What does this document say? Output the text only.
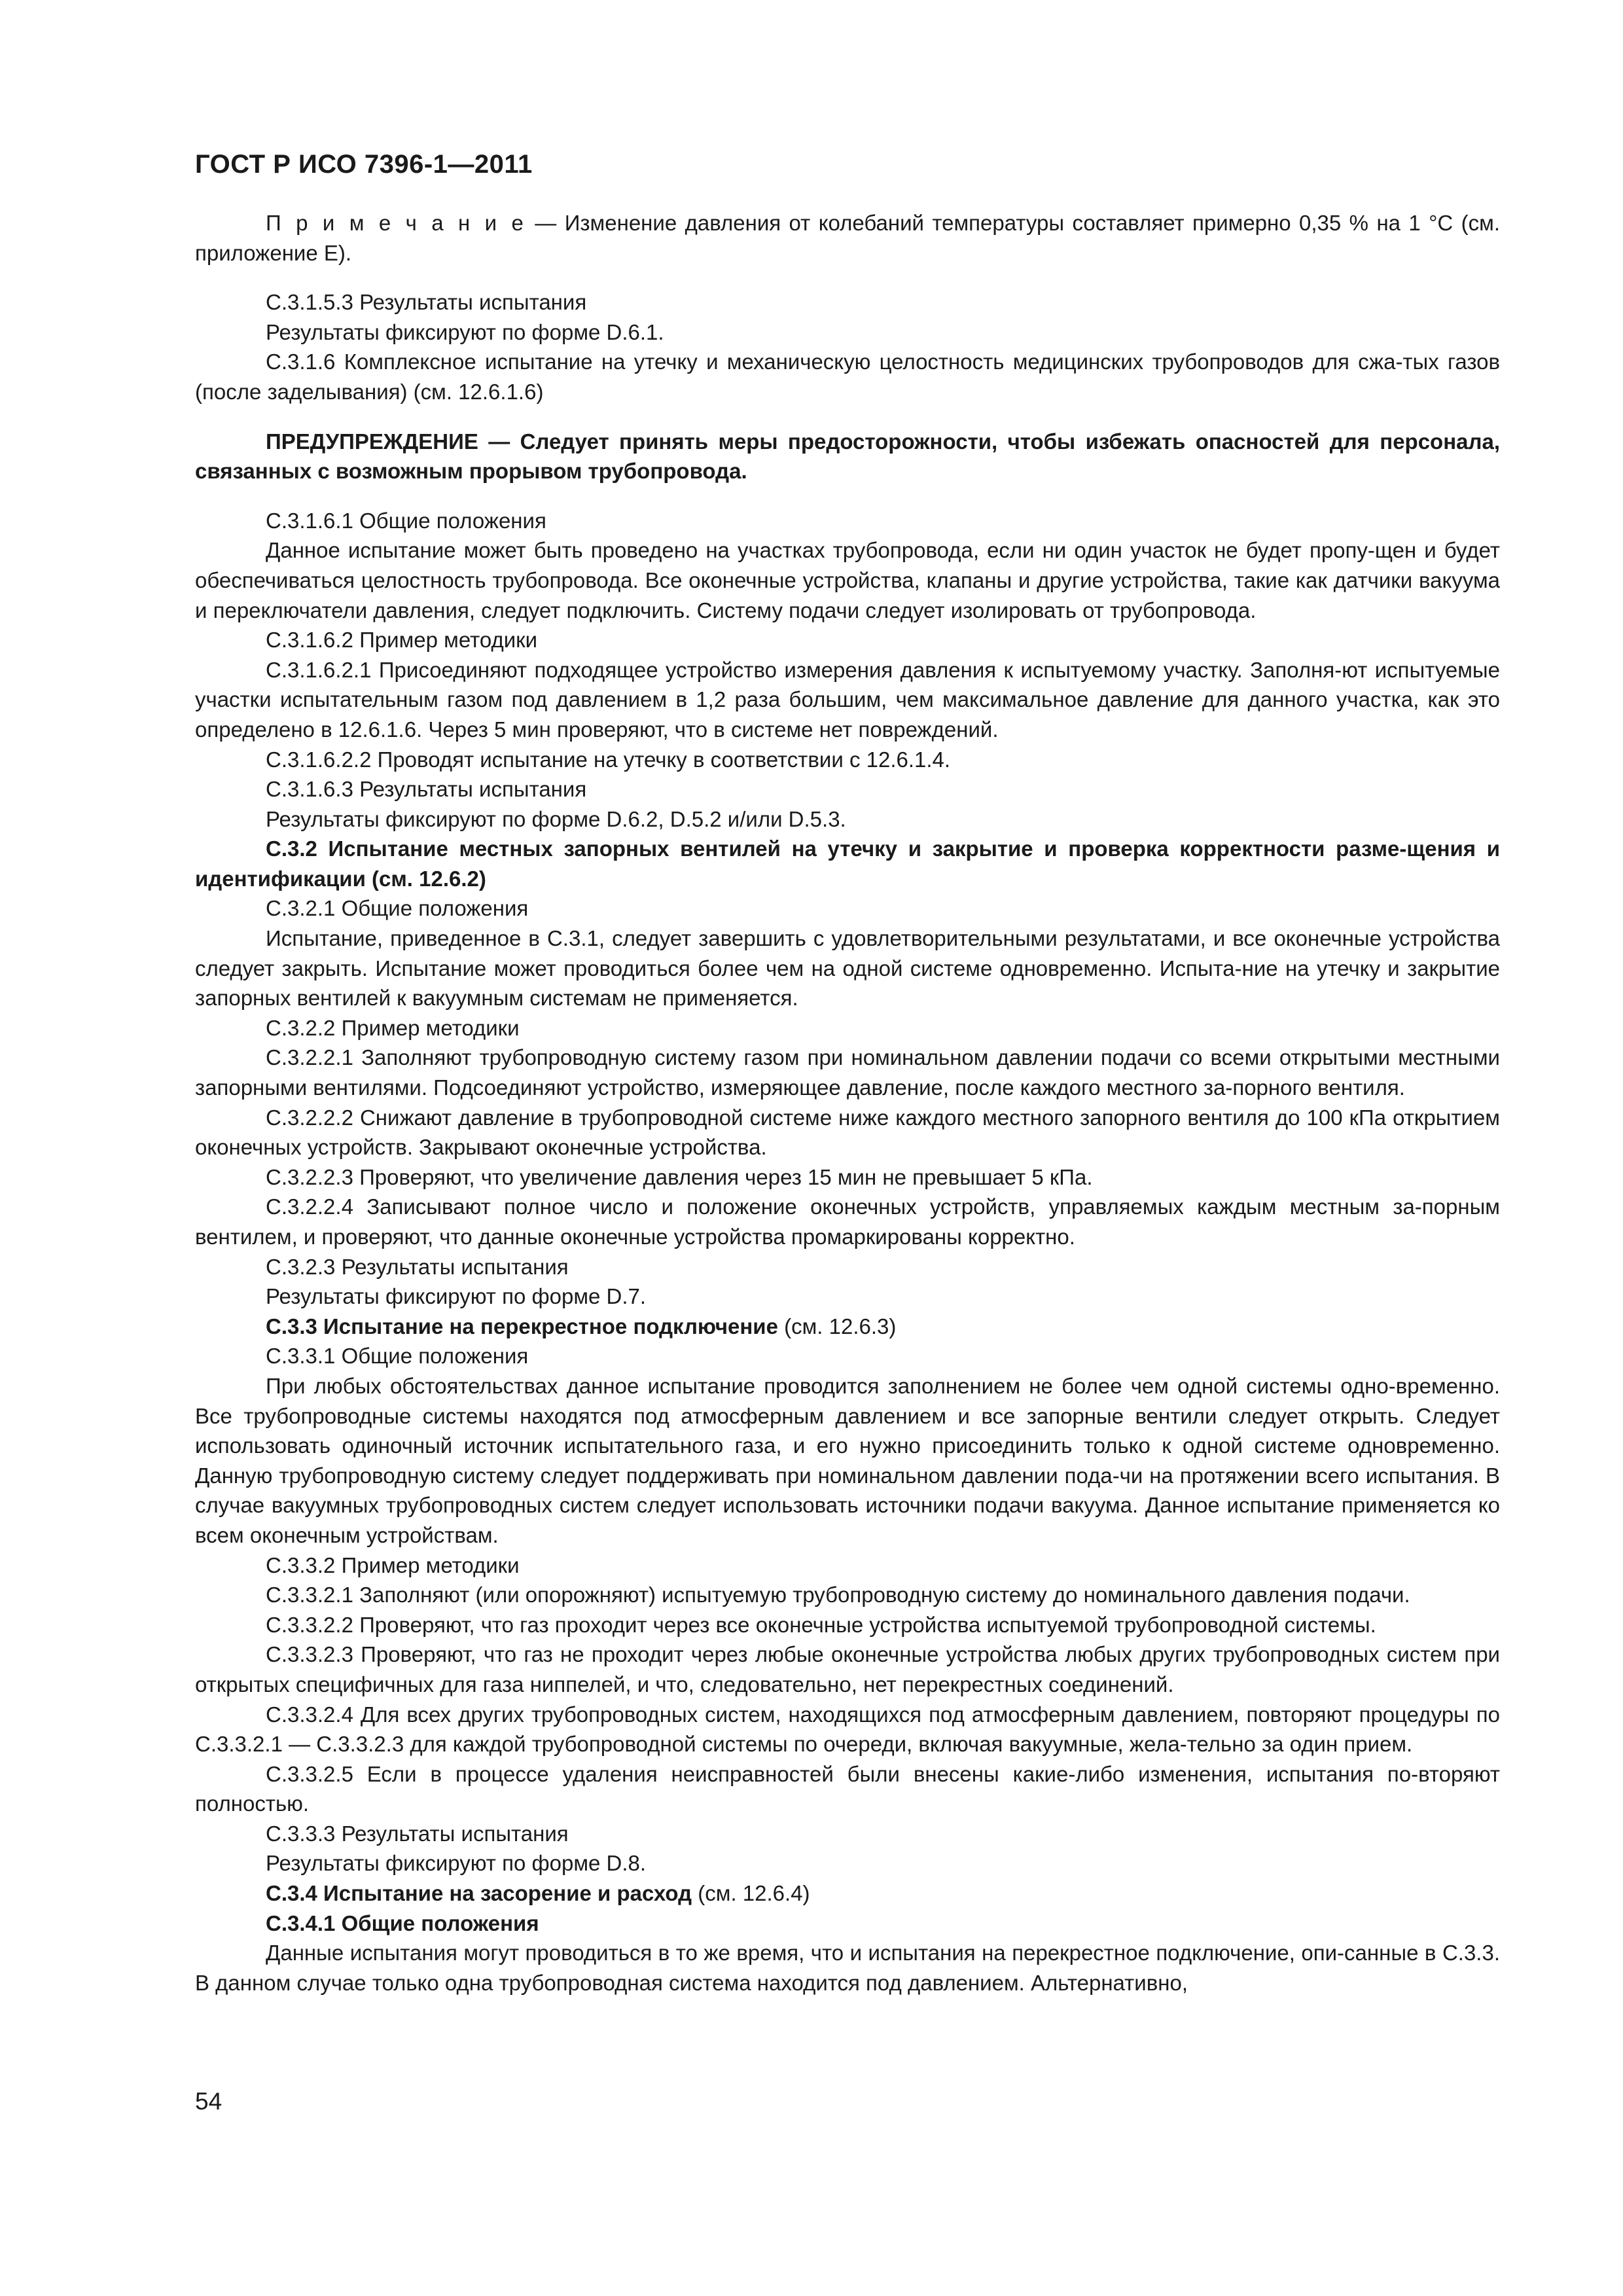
ГОСТ Р ИСО 7396-1—2011

П р и м е ч а н и е — Изменение давления от колебаний температуры составляет примерно 0,35 % на 1 °С (см. приложение Е).

С.3.1.5.3 Результаты испытания

Результаты фиксируют по форме D.6.1.

С.3.1.6 Комплексное испытание на утечку и механическую целостность медицинских трубопроводов для сжа-тых газов (после заделывания) (см. 12.6.1.6)

ПРЕДУПРЕЖДЕНИЕ — Следует принять меры предосторожности, чтобы избежать опасностей для персонала, связанных с возможным прорывом трубопровода.

С.3.1.6.1 Общие положения

Данное испытание может быть проведено на участках трубопровода, если ни один участок не будет пропу-щен и будет обеспечиваться целостность трубопровода. Все оконечные устройства, клапаны и другие устройства, такие как датчики вакуума и переключатели давления, следует подключить. Систему подачи следует изолировать от трубопровода.

С.3.1.6.2 Пример методики

С.3.1.6.2.1 Присоединяют подходящее устройство измерения давления к испытуемому участку. Заполня-ют испытуемые участки испытательным газом под давлением в 1,2 раза большим, чем максимальное давление для данного участка, как это определено в 12.6.1.6. Через 5 мин проверяют, что в системе нет повреждений.

С.3.1.6.2.2 Проводят испытание на утечку в соответствии с 12.6.1.4.

С.3.1.6.3 Результаты испытания

Результаты фиксируют по форме D.6.2, D.5.2 и/или D.5.3.

С.3.2 Испытание местных запорных вентилей на утечку и закрытие и проверка корректности разме-щения и идентификации (см. 12.6.2)

С.3.2.1 Общие положения

Испытание, приведенное в С.3.1, следует завершить с удовлетворительными результатами, и все оконечные устройства следует закрыть. Испытание может проводиться более чем на одной системе одновременно. Испыта-ние на утечку и закрытие запорных вентилей к вакуумным системам не применяется.

С.3.2.2 Пример методики

С.3.2.2.1 Заполняют трубопроводную систему газом при номинальном давлении подачи со всеми открытыми местными запорными вентилями. Подсоединяют устройство, измеряющее давление, после каждого местного за-порного вентиля.

С.3.2.2.2 Снижают давление в трубопроводной системе ниже каждого местного запорного вентиля до 100 кПа открытием оконечных устройств. Закрывают оконечные устройства.

С.3.2.2.3 Проверяют, что увеличение давления через 15 мин не превышает 5 кПа.

С.3.2.2.4 Записывают полное число и положение оконечных устройств, управляемых каждым местным за-порным вентилем, и проверяют, что данные оконечные устройства промаркированы корректно.

С.3.2.3 Результаты испытания

Результаты фиксируют по форме D.7.

С.3.3 Испытание на перекрестное подключение (см. 12.6.3)

С.3.3.1 Общие положения

При любых обстоятельствах данное испытание проводится заполнением не более чем одной системы одно-временно. Все трубопроводные системы находятся под атмосферным давлением и все запорные вентили следует открыть. Следует использовать одиночный источник испытательного газа, и его нужно присоединить только к одной системе одновременно. Данную трубопроводную систему следует поддерживать при номинальном давлении пода-чи на протяжении всего испытания. В случае вакуумных трубопроводных систем следует использовать источники подачи вакуума. Данное испытание применяется ко всем оконечным устройствам.

С.3.3.2 Пример методики

С.3.3.2.1 Заполняют (или опорожняют) испытуемую трубопроводную систему до номинального давления подачи.

С.3.3.2.2 Проверяют, что газ проходит через все оконечные устройства испытуемой трубопроводной системы.

С.3.3.2.3 Проверяют, что газ не проходит через любые оконечные устройства любых других трубопроводных систем при открытых специфичных для газа ниппелей, и что, следовательно, нет перекрестных соединений.

С.3.3.2.4 Для всех других трубопроводных систем, находящихся под атмосферным давлением, повторяют процедуры по С.3.3.2.1 — С.3.3.2.3 для каждой трубопроводной системы по очереди, включая вакуумные, жела-тельно за один прием.

С.3.3.2.5 Если в процессе удаления неисправностей были внесены какие-либо изменения, испытания по-вторяют полностью.

С.3.3.3 Результаты испытания

Результаты фиксируют по форме D.8.

С.3.4 Испытание на засорение и расход (см. 12.6.4)

С.3.4.1 Общие положения

Данные испытания могут проводиться в то же время, что и испытания на перекрестное подключение, опи-санные в С.3.3. В данном случае только одна трубопроводная система находится под давлением. Альтернативно,

54
